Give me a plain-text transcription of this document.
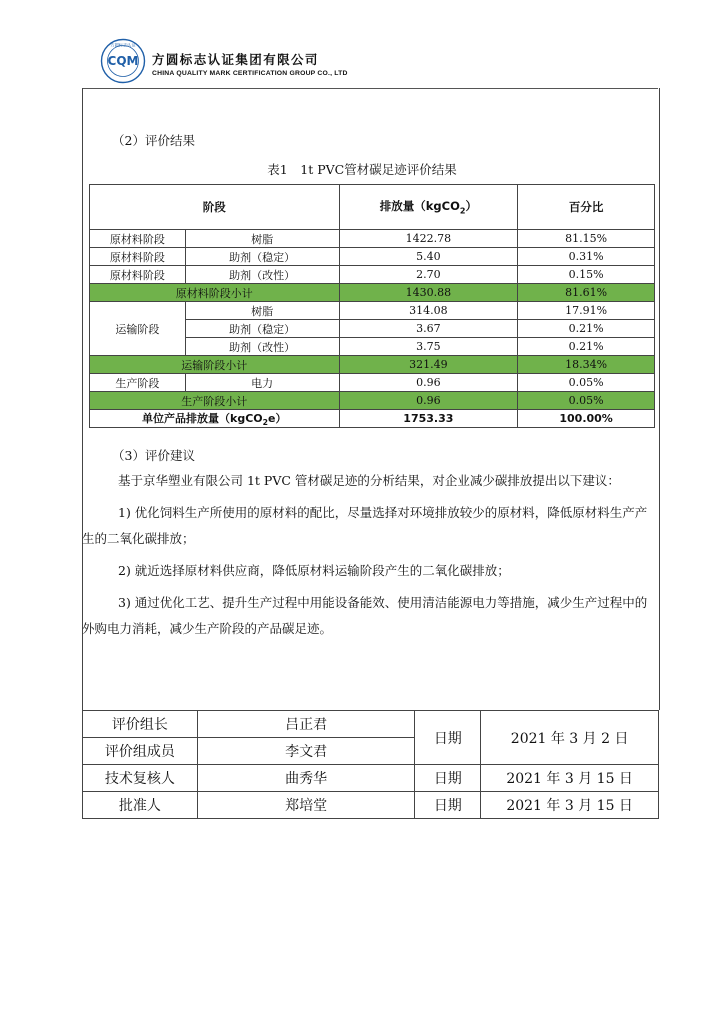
方圆标志认证
CQM 方圆标志认证集团有限公司
CHINA QUALITY MARK CERTIFICATION GROUP CO., LTD
（2）评价结果
表1　1t PVC管材碳足迹评价结果
阶段		排放量（kgCO$_2$）	百分比
原材料阶段	树脂	1422.78	81.15%
原材料阶段	助剂（稳定）	5.40	0.31%
原材料阶段	助剂（改性）	2.70	0.15%
原材料阶段小计		1430.88	81.61%
运输阶段	树脂	314.08	17.91%
	助剂（稳定）	3.67	0.21%
	助剂（改性）	3.75	0.21%
运输阶段小计		321.49	18.34%
生产阶段	电力	0.96	0.05%
生产阶段小计		0.96	0.05%
单位产品排放量（kgCO$_2$e）		1753.33	100.00%
（3）评价建议

基于京华塑业有限公司 1t PVC 管材碳足迹的分析结果，对企业减少碳排放提出以下建议：

1) 优化饲料生产所使用的原材料的配比，尽量选择对环境排放较少的原材料，降低原材料生产产生的二氧化碳排放；

2) 就近选择原材料供应商，降低原材料运输阶段产生的二氧化碳排放；

3) 通过优化工艺、提升生产过程中用能设备能效、使用清洁能源电力等措施，减少生产过程中的外购电力消耗，减少生产阶段的产品碳足迹。

评价组长	吕正君	日期	2021 年 3 月 2 日
评价组成员	李文君		
技术复核人	曲秀华	日期	2021 年 3 月 15 日
批准人	郑培堂	日期	2021 年 3 月 15 日
